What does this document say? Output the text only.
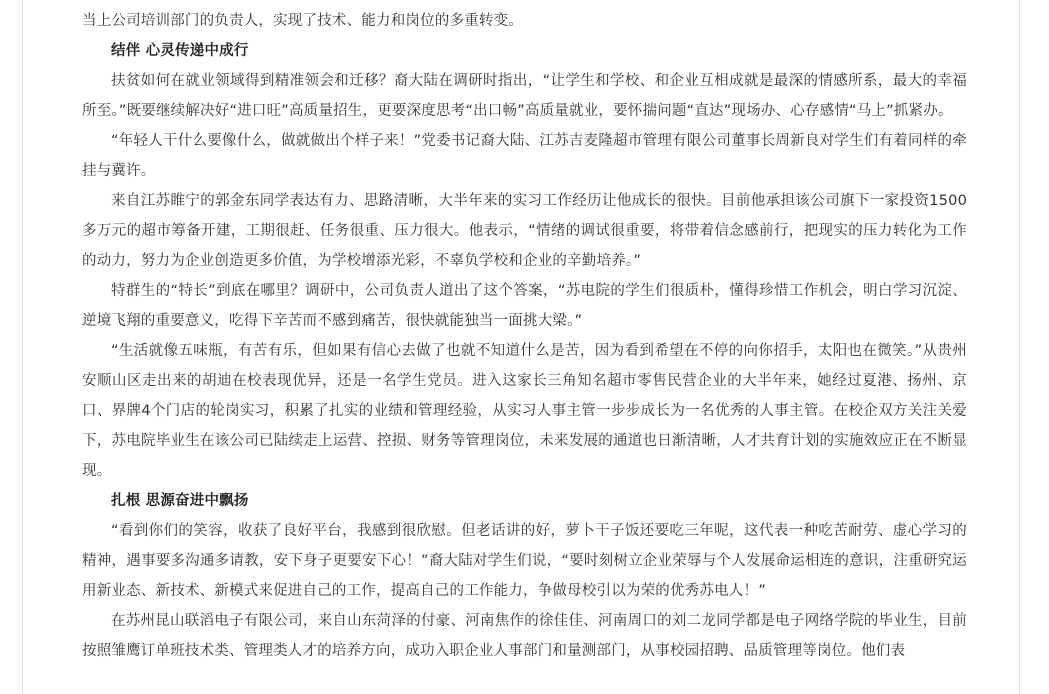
当上公司培训部门的负责人，实现了技术、能力和岗位的多重转变。

结伴 心灵传递中成行

扶贫如何在就业领域得到精准领会和迁移？裔大陆在调研时指出，“让学生和学校、和企业互相成就是最深的情感所系，最大的幸福所至。”既要继续解决好“进口旺”高质量招生，更要深度思考“出口畅”高质量就业，要怀揣问题“直达”现场办、心存感情“马上”抓紧办。

“年轻人干什么要像什么，做就做出个样子来！”党委书记裔大陆、江苏吉麦隆超市管理有限公司董事长周新良对学生们有着同样的牵挂与冀许。

来自江苏睢宁的郭金东同学表达有力、思路清晰，大半年来的实习工作经历让他成长的很快。目前他承担该公司旗下一家投资1500多万元的超市筹备开建，工期很赶、任务很重、压力很大。他表示，“情绪的调试很重要，将带着信念感前行，把现实的压力转化为工作的动力，努力为企业创造更多价值，为学校增添光彩，不辜负学校和企业的辛勤培养。”

特群生的“特长”到底在哪里？调研中，公司负责人道出了这个答案，“苏电院的学生们很质朴，懂得珍惜工作机会，明白学习沉淀、逆境飞翔的重要意义，吃得下辛苦而不感到痛苦，很快就能独当一面挑大梁。”

“生活就像五味瓶，有苦有乐，但如果有信心去做了也就不知道什么是苦，因为看到希望在不停的向你招手，太阳也在微笑。”从贵州安顺山区走出来的胡迪在校表现优异，还是一名学生党员。进入这家长三角知名超市零售民营企业的大半年来，她经过夏港、扬州、京口、界牌4个门店的轮岗实习，积累了扎实的业绩和管理经验，从实习人事主管一步步成长为一名优秀的人事主管。在校企双方关注关爱下，苏电院毕业生在该公司已陆续走上运营、控损、财务等管理岗位，未来发展的通道也日渐清晰，人才共育计划的实施效应正在不断显现。

扎根 思源奋进中飘扬

“看到你们的笑容，收获了良好平台，我感到很欣慰。但老话讲的好，萝卜干子饭还要吃三年呢，这代表一种吃苦耐劳、虚心学习的精神，遇事要多沟通多请教，安下身子更要安下心！”裔大陆对学生们说，“要时刻树立企业荣辱与个人发展命运相连的意识，注重研究运用新业态、新技术、新模式来促进自己的工作，提高自己的工作能力，争做母校引以为荣的优秀苏电人！”

在苏州昆山联滔电子有限公司，来自山东菏泽的付豪、河南焦作的徐佳佳、河南周口的刘二龙同学都是电子网络学院的毕业生，目前按照雏鹰订单班技术类、管理类人才的培养方向，成功入职企业人事部门和量测部门，从事校园招聘、品质管理等岗位。他们表
